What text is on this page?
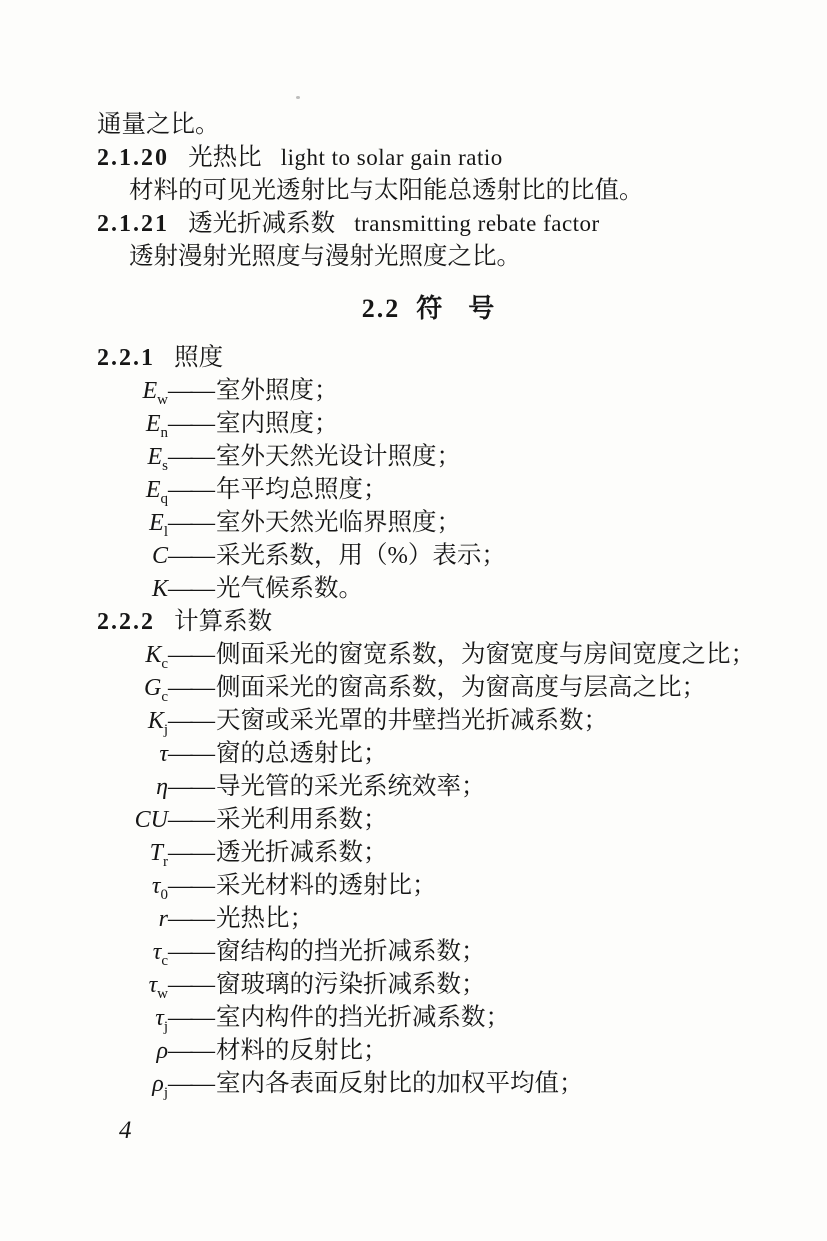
通量之比。
2.1.20 光热比 light to solar gain ratio
材料的可见光透射比与太阳能总透射比的比值。
2.1.21 透光折减系数 transmitting rebate factor
透射漫射光照度与漫射光照度之比。
2.2 符　号
2.2.1 照度
$E_w——$ 室外照度；
$E_n——$ 室内照度；
$E_s——$ 室外天然光设计照度；
$E_q——$ 年平均总照度；
$E_l——$ 室外天然光临界照度；
C—— 采光系数，用（%）表示；
K—— 光气候系数。
2.2.2 计算系数
$K_c——$ 侧面采光的窗宽系数，为窗宽度与房间宽度之比；
$G_c——$ 侧面采光的窗高系数，为窗高度与层高之比；
$K_j——$ 天窗或采光罩的井壁挡光折减系数；
τ—— 窗的总透射比；
η—— 导光管的采光系统效率；
CU—— 采光利用系数；
$T_r——$ 透光折减系数；
$\tau_0——$ 采光材料的透射比；
r—— 光热比；
$\tau_c——$ 窗结构的挡光折减系数；
$\tau_w——$ 窗玻璃的污染折减系数；
$\tau_j——$ 室内构件的挡光折减系数；
ρ—— 材料的反射比；
$\rho_j——$ 室内各表面反射比的加权平均值；
4
